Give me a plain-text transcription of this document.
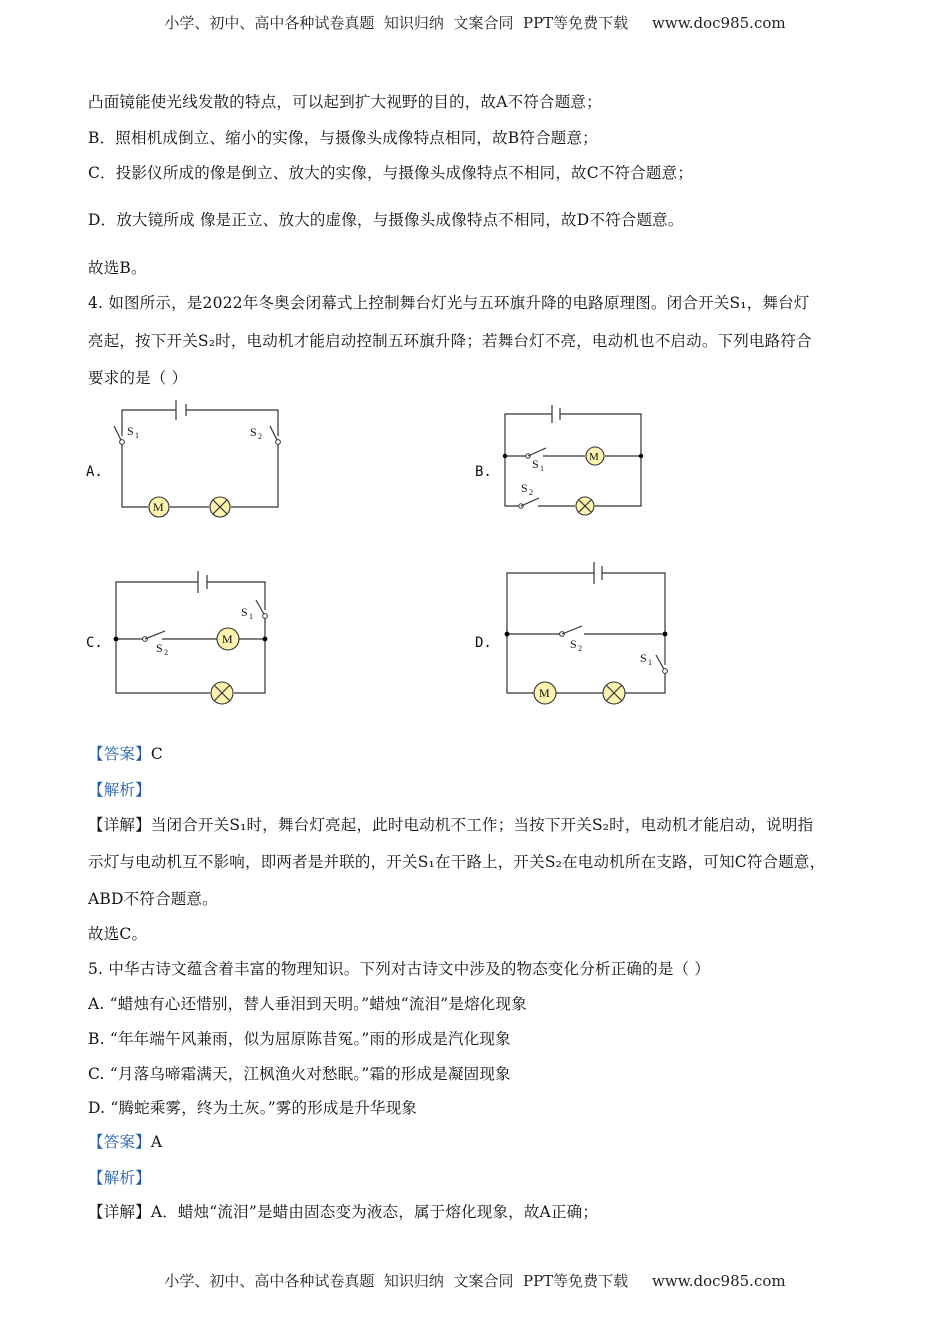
小学、初中、高中各种试卷真题  知识归纳  文案合同  PPT等免费下载     www.doc985.com
凸面镜能使光线发散的特点，可以起到扩大视野的目的，故A不符合题意；
B．照相机成倒立、缩小的实像，与摄像头成像特点相同，故B符合题意；
C．投影仪所成的像是倒立、放大的实像，与摄像头成像特点不相同，故C不符合题意；
D．放大镜所成 像是正立、放大的虚像，与摄像头成像特点不相同，故D不符合题意。
故选B。
4. 如图所示，是2022年冬奥会闭幕式上控制舞台灯光与五环旗升降的电路原理图。闭合开关S₁，舞台灯
亮起，按下开关S₂时，电动机才能启动控制五环旗升降；若舞台灯不亮，电动机也不启动。下列电路符合
要求的是（ ）
A.	B.
C.	D.
S 1	S 2
M
S 1
S 2
M
S 1
S 2
M	S 2
S 1
M
【答案】C
【解析】
【详解】当闭合开关S₁时，舞台灯亮起，此时电动机不工作；当按下开关S₂时，电动机才能启动，说明指
示灯与电动机互不影响，即两者是并联的，开关S₁在干路上，开关S₂在电动机所在支路，可知C符合题意，
ABD不符合题意。
故选C。
5. 中华古诗文蕴含着丰富的物理知识。下列对古诗文中涉及的物态变化分析正确的是（ ）
A. “蜡烛有心还惜别，替人垂泪到天明。”蜡烛“流泪”是熔化现象
B. “年年端午风兼雨，似为屈原陈昔冤。”雨的形成是汽化现象
C. “月落乌啼霜满天，江枫渔火对愁眠。”霜的形成是凝固现象
D. “腾蛇乘雾，终为土灰。”雾的形成是升华现象
【答案】A
【解析】
【详解】A．蜡烛“流泪”是蜡由固态变为液态，属于熔化现象，故A正确；
小学、初中、高中各种试卷真题  知识归纳  文案合同  PPT等免费下载     www.doc985.com
